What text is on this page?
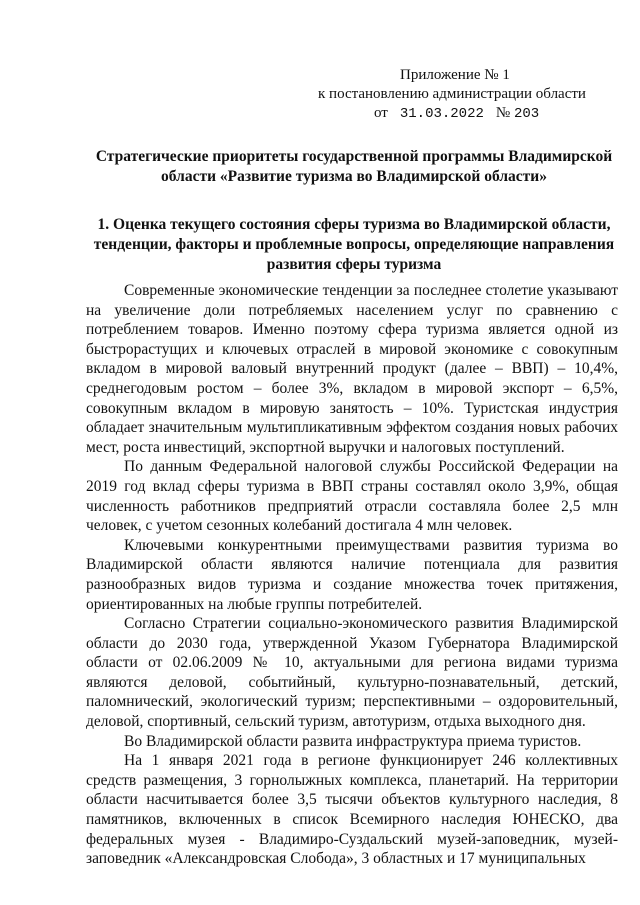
Приложение № 1
к постановлению администрации области
от 31.03.2022 № 203
Стратегические приоритеты государственной программы Владимирской области «Развитие туризма во Владимирской области»
1. Оценка текущего состояния сферы туризма во Владимирской области, тенденции, факторы и проблемные вопросы, определяющие направления развития сферы туризма

Современные экономические тенденции за последнее столетие указывают на увеличение доли потребляемых населением услуг по сравнению с потреблением товаров. Именно поэтому сфера туризма является одной из быстрорастущих и ключевых отраслей в мировой экономике с совокупным вкладом в мировой валовый внутренний продукт (далее – ВВП) – 10,4%, среднегодовым ростом – более 3%, вкладом в мировой экспорт – 6,5%, совокупным вкладом в мировую занятость – 10%. Туристская индустрия обладает значительным мультипликативным эффектом создания новых рабочих мест, роста инвестиций, экспортной выручки и налоговых поступлений.

По данным Федеральной налоговой службы Российской Федерации на 2019 год вклад сферы туризма в ВВП страны составлял около 3,9%, общая численность работников предприятий отрасли составляла более 2,5 млн человек, с учетом сезонных колебаний достигала 4 млн человек.

Ключевыми конкурентными преимуществами развития туризма во Владимирской области являются наличие потенциала для развития разнообразных видов туризма и создание множества точек притяжения, ориентированных на любые группы потребителей.

Согласно Стратегии социально-экономического развития Владимирской области до 2030 года, утвержденной Указом Губернатора Владимирской области от 02.06.2009 № 10, актуальными для региона видами туризма являются деловой, событийный, культурно-познавательный, детский, паломнический, экологический туризм; перспективными – оздоровительный, деловой, спортивный, сельский туризм, автотуризм, отдыха выходного дня.

Во Владимирской области развита инфраструктура приема туристов.

На 1 января 2021 года в регионе функционирует 246 коллективных средств размещения, 3 горнолыжных комплекса, планетарий. На территории области насчитывается более 3,5 тысячи объектов культурного наследия, 8 памятников, включенных в список Всемирного наследия ЮНЕСКО, два федеральных музея - Владимиро-Суздальский музей-заповедник, музей-заповедник «Александровская Слобода», 3 областных и 17 муниципальных
